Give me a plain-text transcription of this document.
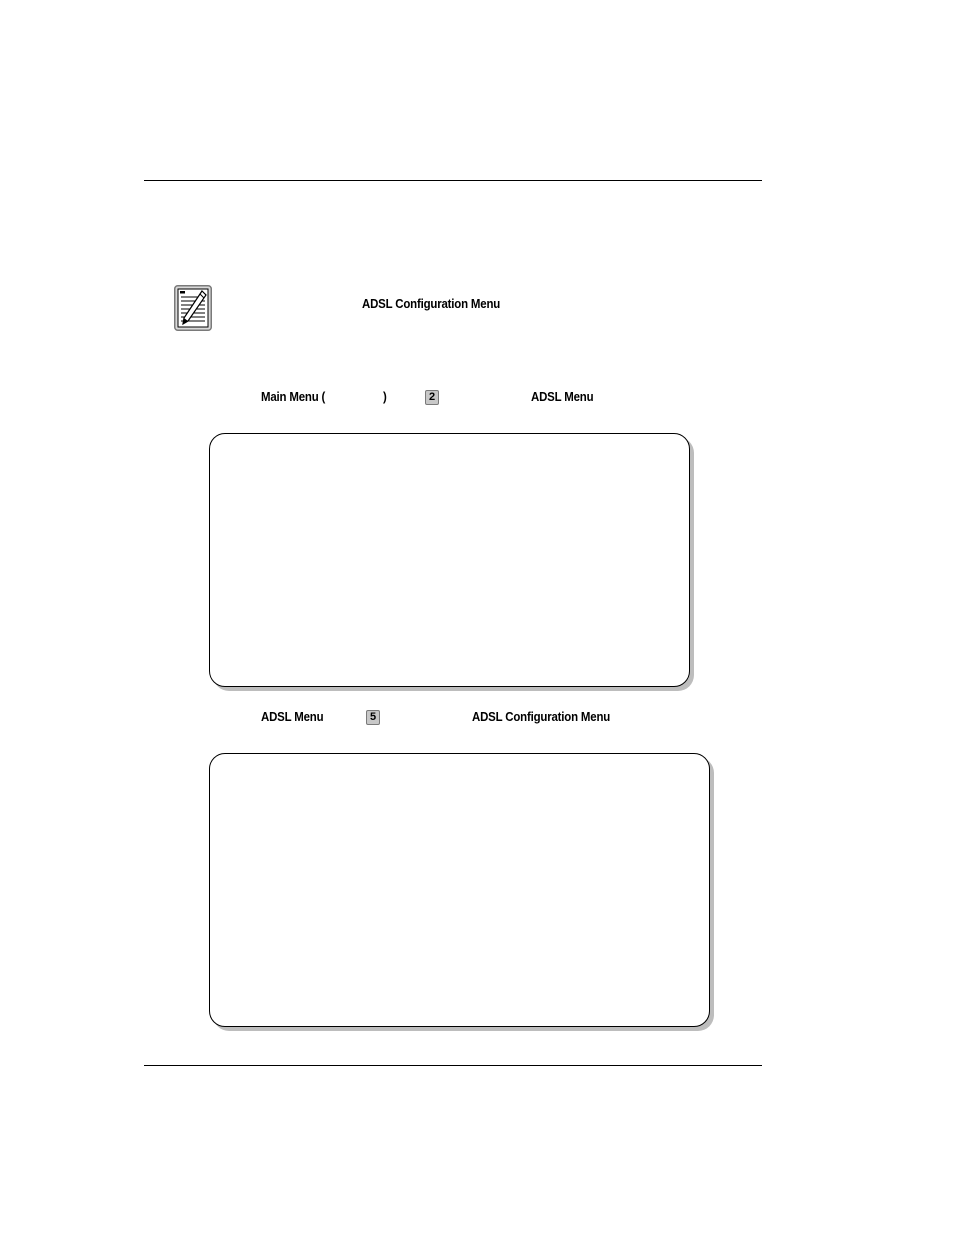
ADSL Configuration Menu
Main Menu (	)	2	ADSL Menu
ADSL Menu	5	ADSL Configuration Menu
